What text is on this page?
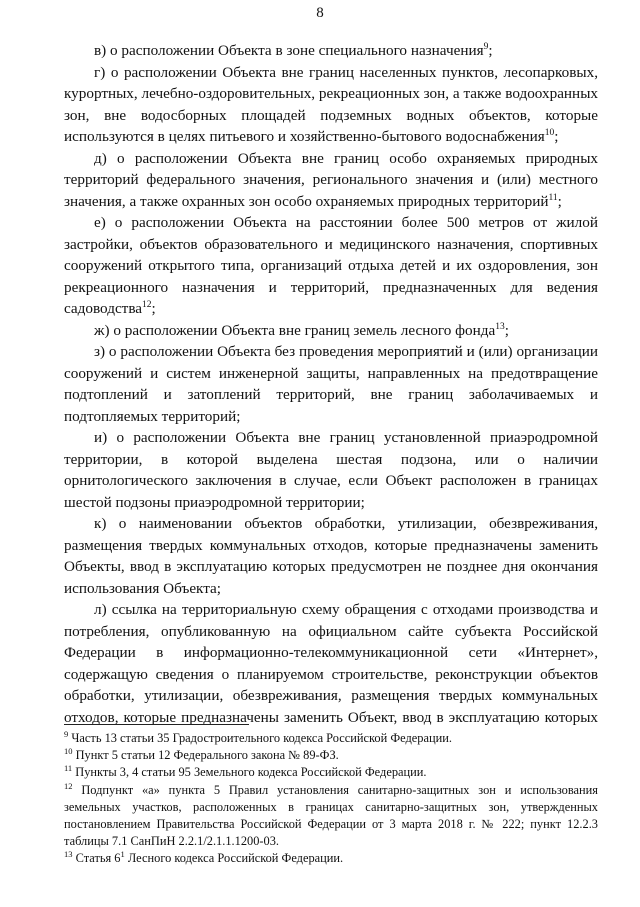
8

в) о расположении Объекта в зоне специального назначения$^9$;

г) о расположении Объекта вне границ населенных пунктов, лесопарковых, курортных, лечебно-оздоровительных, рекреационных зон, а также водоохранных зон, вне водосборных площадей подземных водных объектов, которые используются в целях питьевого и хозяйственно-бытового водоснабжения$^{10}$;

д) о расположении Объекта вне границ особо охраняемых природных территорий федерального значения, регионального значения и (или) местного значения, а также охранных зон особо охраняемых природных территорий$^{11}$;

е) о расположении Объекта на расстоянии более 500 метров от жилой застройки, объектов образовательного и медицинского назначения, спортивных сооружений открытого типа, организаций отдыха детей и их оздоровления, зон рекреационного назначения и территорий, предназначенных для ведения садоводства$^{12}$;

ж) о расположении Объекта вне границ земель лесного фонда$^{13}$;

з) о расположении Объекта без проведения мероприятий и (или) организации сооружений и систем инженерной защиты, направленных на предотвращение подтоплений и затоплений территорий, вне границ заболачиваемых и подтопляемых территорий;

и) о расположении Объекта вне границ установленной приаэродромной территории, в которой выделена шестая подзона, или о наличии орнитологического заключения в случае, если Объект расположен в границах шестой подзоны приаэродромной территории;

к) о наименовании объектов обработки, утилизации, обезвреживания, размещения твердых коммунальных отходов, которые предназначены заменить Объекты, ввод в эксплуатацию которых предусмотрен не позднее дня окончания использования Объекта;

л) ссылка на территориальную схему обращения с отходами производства и потребления, опубликованную на официальном сайте субъекта Российской Федерации в информационно-телекоммуникационной сети «Интернет», содержащую сведения о планируемом строительстве, реконструкции объектов обработки, утилизации, обезвреживания, размещения твердых коммунальных отходов, которые предназначены заменить Объект, ввод в эксплуатацию которых

$^9$ Часть 13 статьи 35 Градостроительного кодекса Российской Федерации.

$^{10}$ Пункт 5 статьи 12 Федерального закона № 89-ФЗ.

$^{11}$ Пункты 3, 4 статьи 95 Земельного кодекса Российской Федерации.

$^{12}$ Подпункт «а» пункта 5 Правил установления санитарно-защитных зон и использования земельных участков, расположенных в границах санитарно-защитных зон, утвержденных постановлением Правительства Российской Федерации от 3 марта 2018 г. № 222; пункт 12.2.3 таблицы 7.1 СанПиН 2.2.1/2.1.1.1200-03.

$^{13}$ Статья $6^1$ Лесного кодекса Российской Федерации.
